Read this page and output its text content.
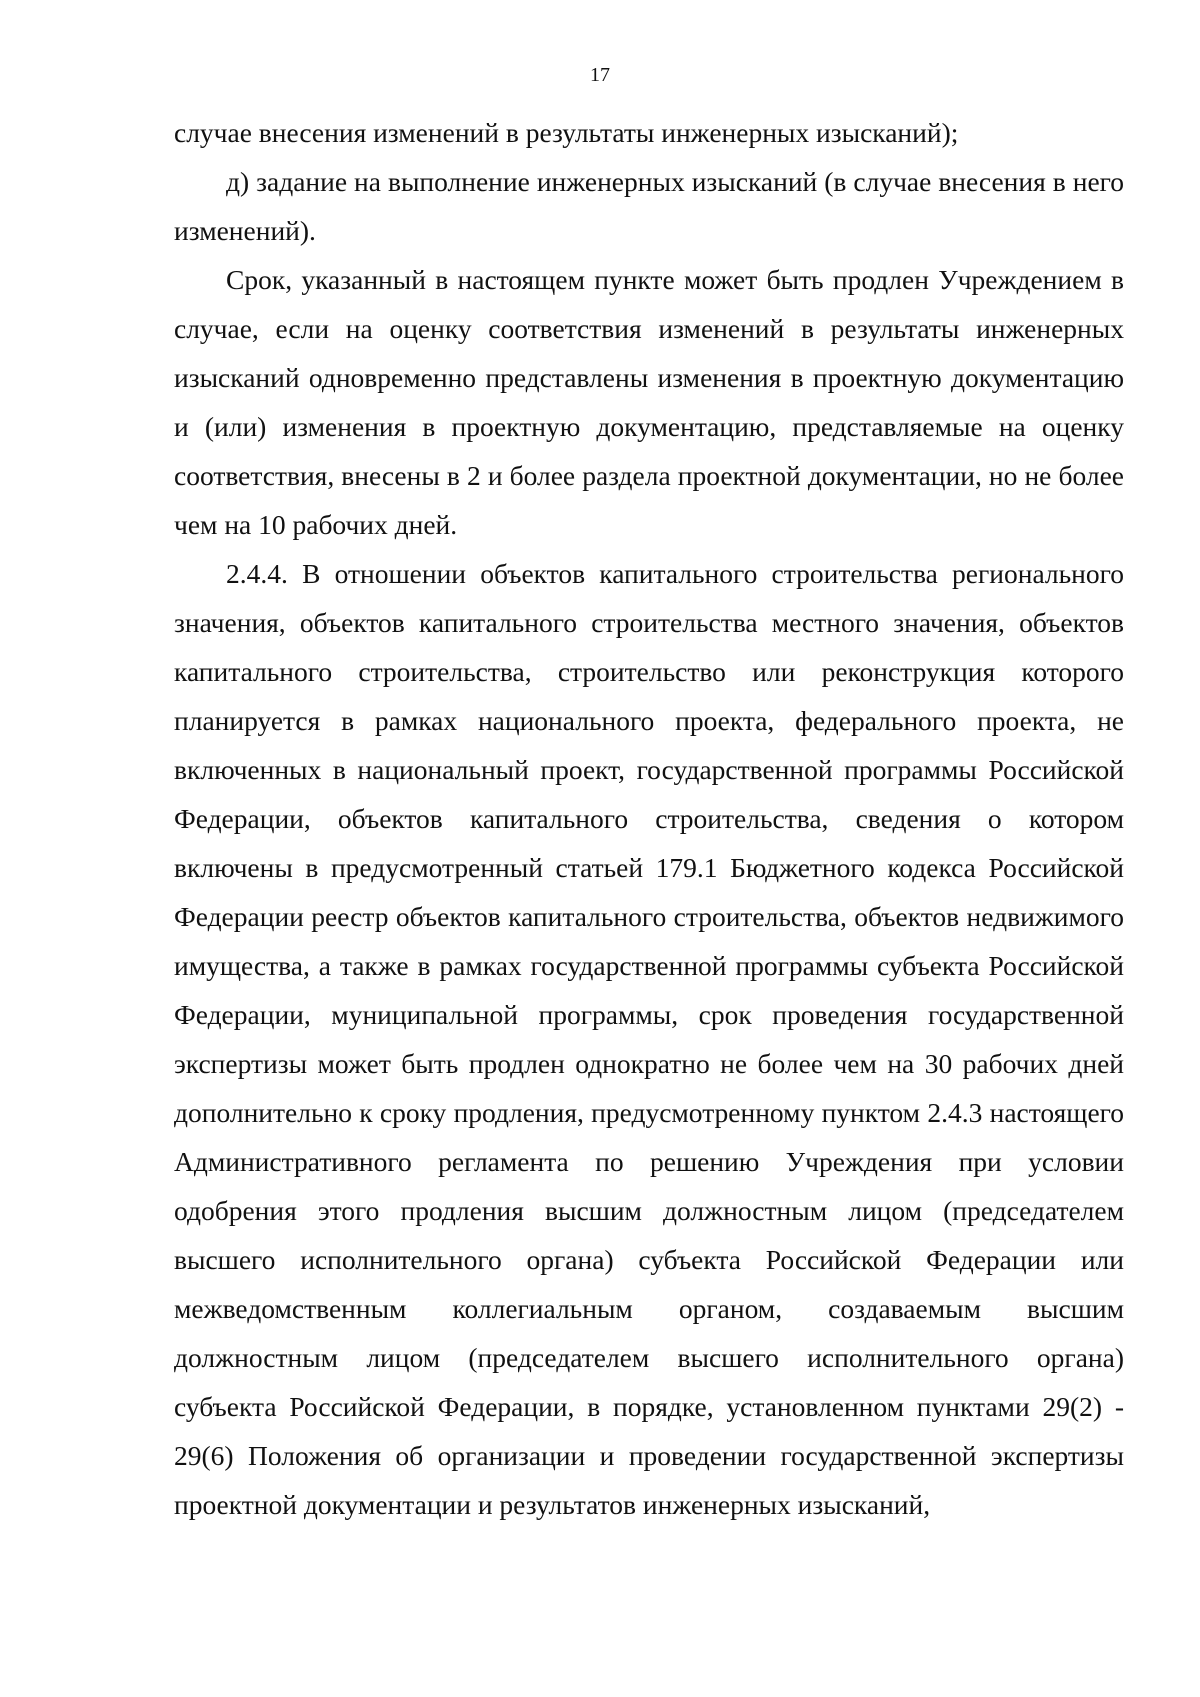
17

случае внесения изменений в результаты инженерных изысканий);

д) задание на выполнение инженерных изысканий (в случае внесения в него изменений).

Срок, указанный в настоящем пункте может быть продлен Учреждением в случае, если на оценку соответствия изменений в результаты инженерных изысканий одновременно представлены изменения в проектную документацию и (или) изменения в проектную документацию, представляемые на оценку соответствия, внесены в 2 и более раздела проектной документации, но не более чем на 10 рабочих дней.

2.4.4. В отношении объектов капитального строительства регионального значения, объектов капитального строительства местного значения, объектов капитального строительства, строительство или реконструкция которого планируется в рамках национального проекта, федерального проекта, не включенных в национальный проект, государственной программы Российской Федерации, объектов капитального строительства, сведения о котором включены в предусмотренный статьей 179.1 Бюджетного кодекса Российской Федерации реестр объектов капитального строительства, объектов недвижимого имущества, а также в рамках государственной программы субъекта Российской Федерации, муниципальной программы, срок проведения государственной экспертизы может быть продлен однократно не более чем на 30 рабочих дней дополнительно к сроку продления, предусмотренному пунктом 2.4.3 настоящего Административного регламента по решению Учреждения при условии одобрения этого продления высшим должностным лицом (председателем высшего исполнительного органа) субъекта Российской Федерации или межведомственным коллегиальным органом, создаваемым высшим должностным лицом (председателем высшего исполнительного органа) субъекта Российской Федерации, в порядке, установленном пунктами 29(2) - 29(6) Положения об организации и проведении государственной экспертизы проектной документации и результатов инженерных изысканий,
